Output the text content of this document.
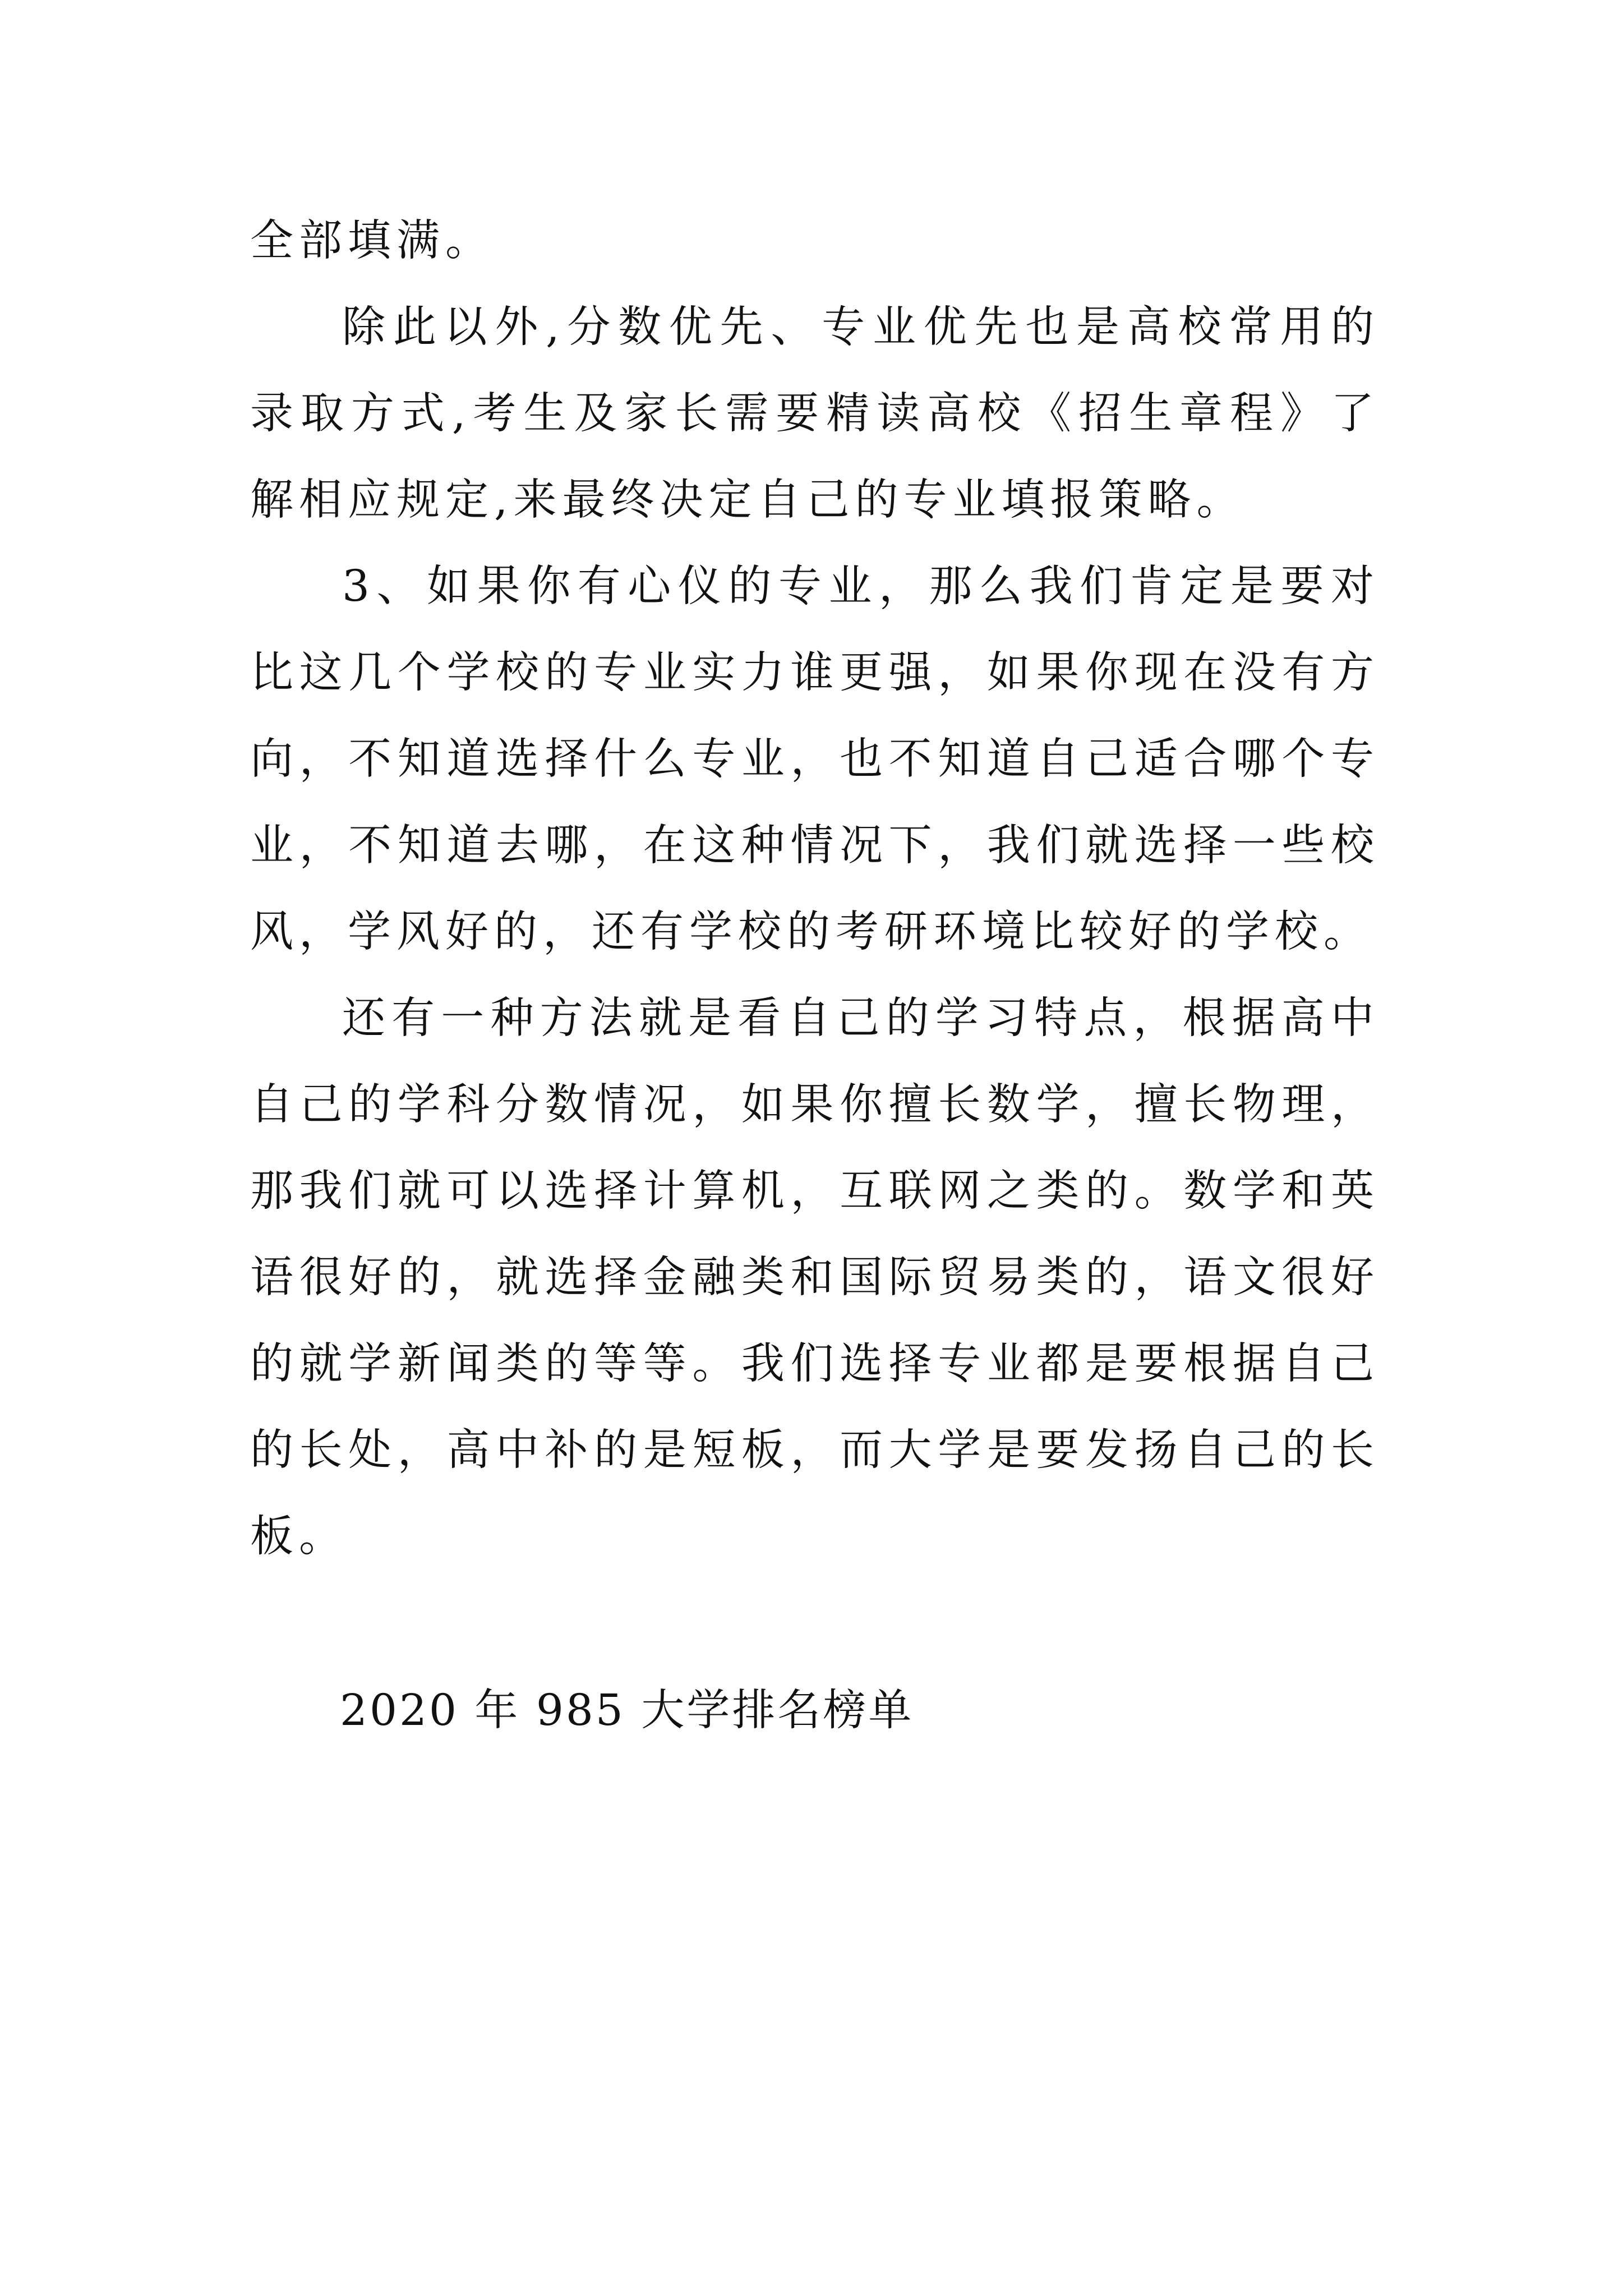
全部填满。

除此以外,分数优先、专业优先也是高校常用的录取方式,考生及家长需要精读高校《招生章程》了解相应规定,来最终决定自己的专业填报策略。

3、如果你有心仪的专业，那么我们肯定是要对比这几个学校的专业实力谁更强，如果你现在没有方向，不知道选择什么专业，也不知道自己适合哪个专业，不知道去哪，在这种情况下，我们就选择一些校风，学风好的，还有学校的考研环境比较好的学校。

还有一种方法就是看自己的学习特点，根据高中自己的学科分数情况，如果你擅长数学，擅长物理，那我们就可以选择计算机，互联网之类的。数学和英语很好的，就选择金融类和国际贸易类的，语文很好的就学新闻类的等等。我们选择专业都是要根据自己的长处，高中补的是短板，而大学是要发扬自己的长板。

2020 年 985 大学排名榜单
